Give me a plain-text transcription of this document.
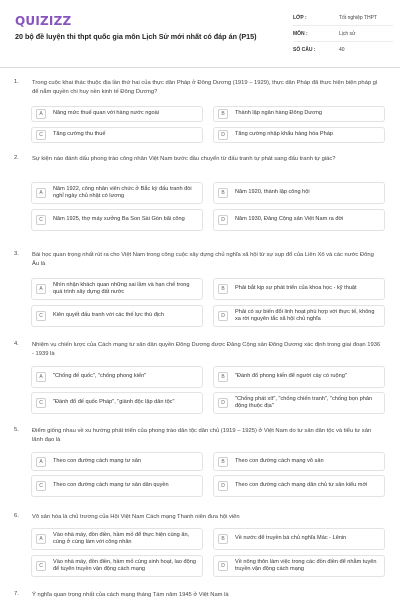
QUIZIZZ
20 bộ đề luyện thi thpt quốc gia môn Lịch Sử mới nhất có đáp án (P15)
LỚP :	Tốt nghiệp THPT
MÔN :	Lịch sử
SỐ CÂU :	40
1. Trong cuộc khai thác thuộc địa lần thứ hai của thực dân Pháp ở Đông Dương (1919 – 1929), thực dân Pháp đã thực hiện biện pháp gì để nắm quyền chi huy nền kinh tế Đông Dương?
A	Nâng mức thuế quan với hàng nước ngoài	B	Thành lập ngân hàng Đông Dương
C	Tăng cường thu thuế	D	Tăng cường nhập khẩu hàng hóa Pháp
2. Sự kiện nào đánh dấu phong trào công nhân Việt Nam bước đầu chuyển từ đấu tranh tự phát sang đấu tranh tự giác?
A
Năm 1922, công nhân viên chức ở Bắc kỳ đấu tranh đòi nghỉ ngày chủ nhật có lương	B	Năm 1920, thành lập công hội
C	Năm 1925, thợ máy xưởng Ba Son Sài Gòn bãi công	D	Năm 1930, Đảng Cộng sản Việt Nam ra đời
3. Bài học quan trọng nhất rút ra cho Việt Nam trong công cuộc xây dựng chủ nghĩa xã hội từ sự sụp đổ của Liên Xô và các nước Đông Âu là
A
Nhìn nhận khách quan những sai lầm và hạn chế trong quá trình xây dựng đất nước	B	Phải bắt kịp sự phát triển của khoa học - kỹ thuật
C	Kiên quyết đấu tranh với các thế lực thù địch	D
Phải có sự biến đổi linh hoạt phù hợp với thực tế, không xa rời nguyên tắc xã hội chủ nghĩa
4. Nhiệm vụ chiến lược của Cách mạng tư sản dân quyền Đông Dương được Đảng Cộng sản Đông Dương xác định trong giai đoạn 1936 - 1939 là
A	"Chống đế quốc", "chống phong kiến"	B	"Đánh đổ phong kiến để người cày có ruộng"
C	"Đánh đổ đế quốc Pháp", "giành độc lập dân tộc"	D
"Chống phát xít", "chống chiến tranh", "chống bọn phản động thuộc địa"
5. Điểm giống nhau về xu hướng phát triển của phong trào dân tộc dân chủ (1919 – 1925) ở Việt Nam do tư sản dân tộc và tiểu tư sản lãnh đạo là
A	Theo con đường cách mạng tư sản	B	Theo con đường cách mạng vô sản
C	Theo con đường cách mạng tư sản dân quyền	D	Theo con đường cách mạng dân chủ tư sản kiểu mới
6. Vô sản hóa là chủ trương của Hội Việt Nam Cách mạng Thanh niên đưa hội viên
A
Vào nhà máy, đồn điền, hầm mỏ để thực hiện cùng ăn, cùng ở cùng làm với công nhân	B	Về nước để truyền bá chủ nghĩa Mác - Lênin
C
Vào nhà máy, đồn điền, hầm mỏ cùng sinh hoạt, lao động để tuyên truyền vận động cách mạng	D
Về nông thôn làm việc trong các đồn điền để nhằm tuyên truyền vận động cách mạng
7. Ý nghĩa quan trọng nhất của cách mạng tháng Tám năm 1945 ở Việt Nam là
